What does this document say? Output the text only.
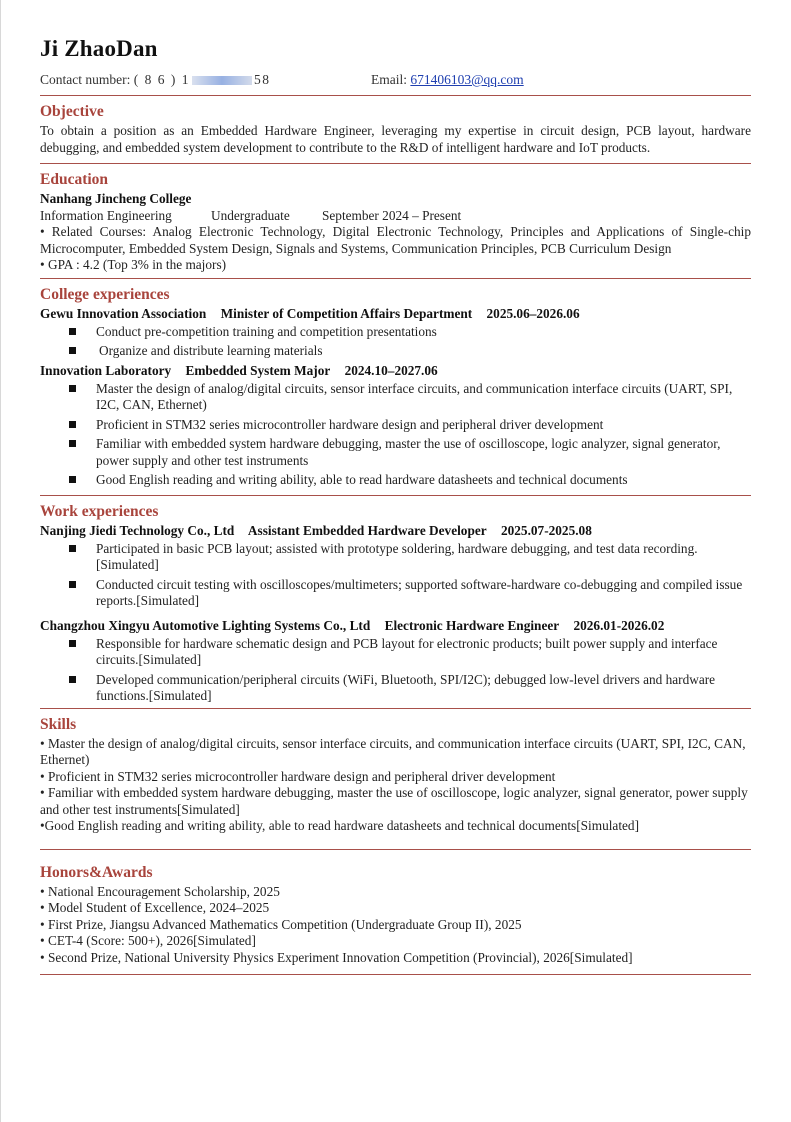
Ji ZhaoDan
Contact number: ( 8 6 ) 1	58	Email: 671406103@qq.com
Objective
To obtain a position as an Embedded Hardware Engineer, leveraging my expertise in circuit design, PCB layout, hardware debugging, and embedded system development to contribute to the R&D of intelligent hardware and IoT products.
Education
Nanhang Jincheng College
Information Engineering	Undergraduate September 2024 – Present
• Related Courses: Analog Electronic Technology, Digital Electronic Technology, Principles and Applications of Single-chip Microcomputer, Embedded System Design, Signals and Systems, Communication Principles, PCB Curriculum Design
• GPA : 4.2 (Top 3% in the majors)
College experiences
Gewu Innovation Association Minister of Competition Affairs Department 2025.06–2026.06
Conduct pre-competition training and competition presentations
Organize and distribute learning materials
Innovation Laboratory Embedded System Major 2024.10–2027.06
Master the design of analog/digital circuits, sensor interface circuits, and communication interface circuits (UART, SPI, I2C, CAN, Ethernet)
Proficient in STM32 series microcontroller hardware design and peripheral driver development
Familiar with embedded system hardware debugging, master the use of oscilloscope, logic analyzer, signal generator, power supply and other test instruments
Good English reading and writing ability, able to read hardware datasheets and technical documents
Work experiences
Nanjing Jiedi Technology Co., Ltd Assistant Embedded Hardware Developer 2025.07-2025.08
Participated in basic PCB layout; assisted with prototype soldering, hardware debugging, and test data recording. [Simulated]
Conducted circuit testing with oscilloscopes/multimeters; supported software-hardware co-debugging and compiled issue reports.[Simulated]
Changzhou Xingyu Automotive Lighting Systems Co., Ltd Electronic Hardware Engineer 2026.01-2026.02
Responsible for hardware schematic design and PCB layout for electronic products; built power supply and interface circuits.[Simulated]
Developed communication/peripheral circuits (WiFi, Bluetooth, SPI/I2C); debugged low-level drivers and hardware functions.[Simulated]
Skills
• Master the design of analog/digital circuits, sensor interface circuits, and communication interface circuits (UART, SPI, I2C, CAN, Ethernet)
• Proficient in STM32 series microcontroller hardware design and peripheral driver development
• Familiar with embedded system hardware debugging, master the use of oscilloscope, logic analyzer, signal generator, power supply and other test instruments[Simulated]
•Good English reading and writing ability, able to read hardware datasheets and technical documents[Simulated]
Honors&Awards
• National Encouragement Scholarship, 2025
• Model Student of Excellence, 2024–2025
• First Prize, Jiangsu Advanced Mathematics Competition (Undergraduate Group II), 2025
• CET-4 (Score: 500+), 2026[Simulated]
• Second Prize, National University Physics Experiment Innovation Competition (Provincial), 2026[Simulated]
